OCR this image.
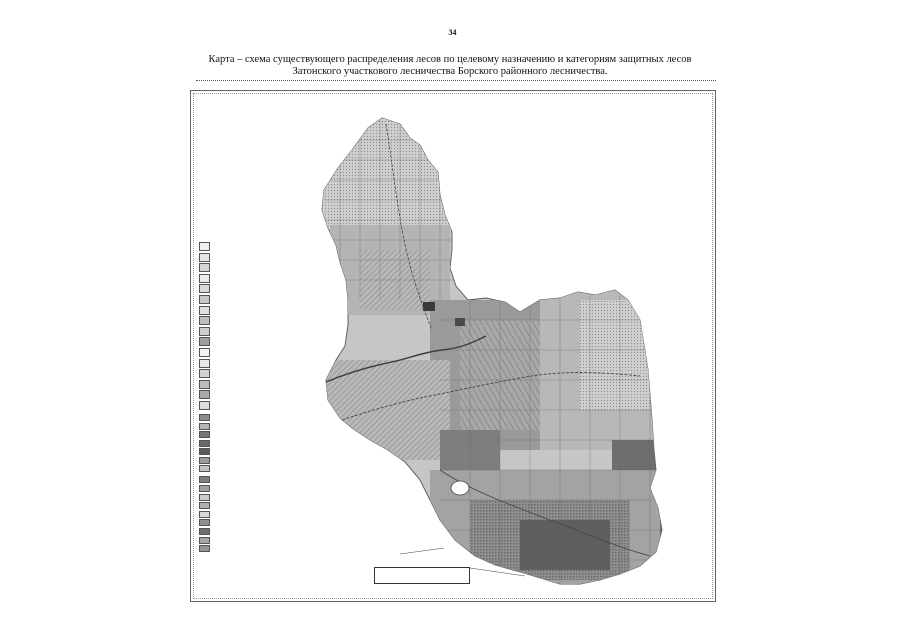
34
Карта – схема существующего распределения лесов по целевому назначению и категориям защитных лесов
Затонского участкового лесничества Борского районного лесничества.
